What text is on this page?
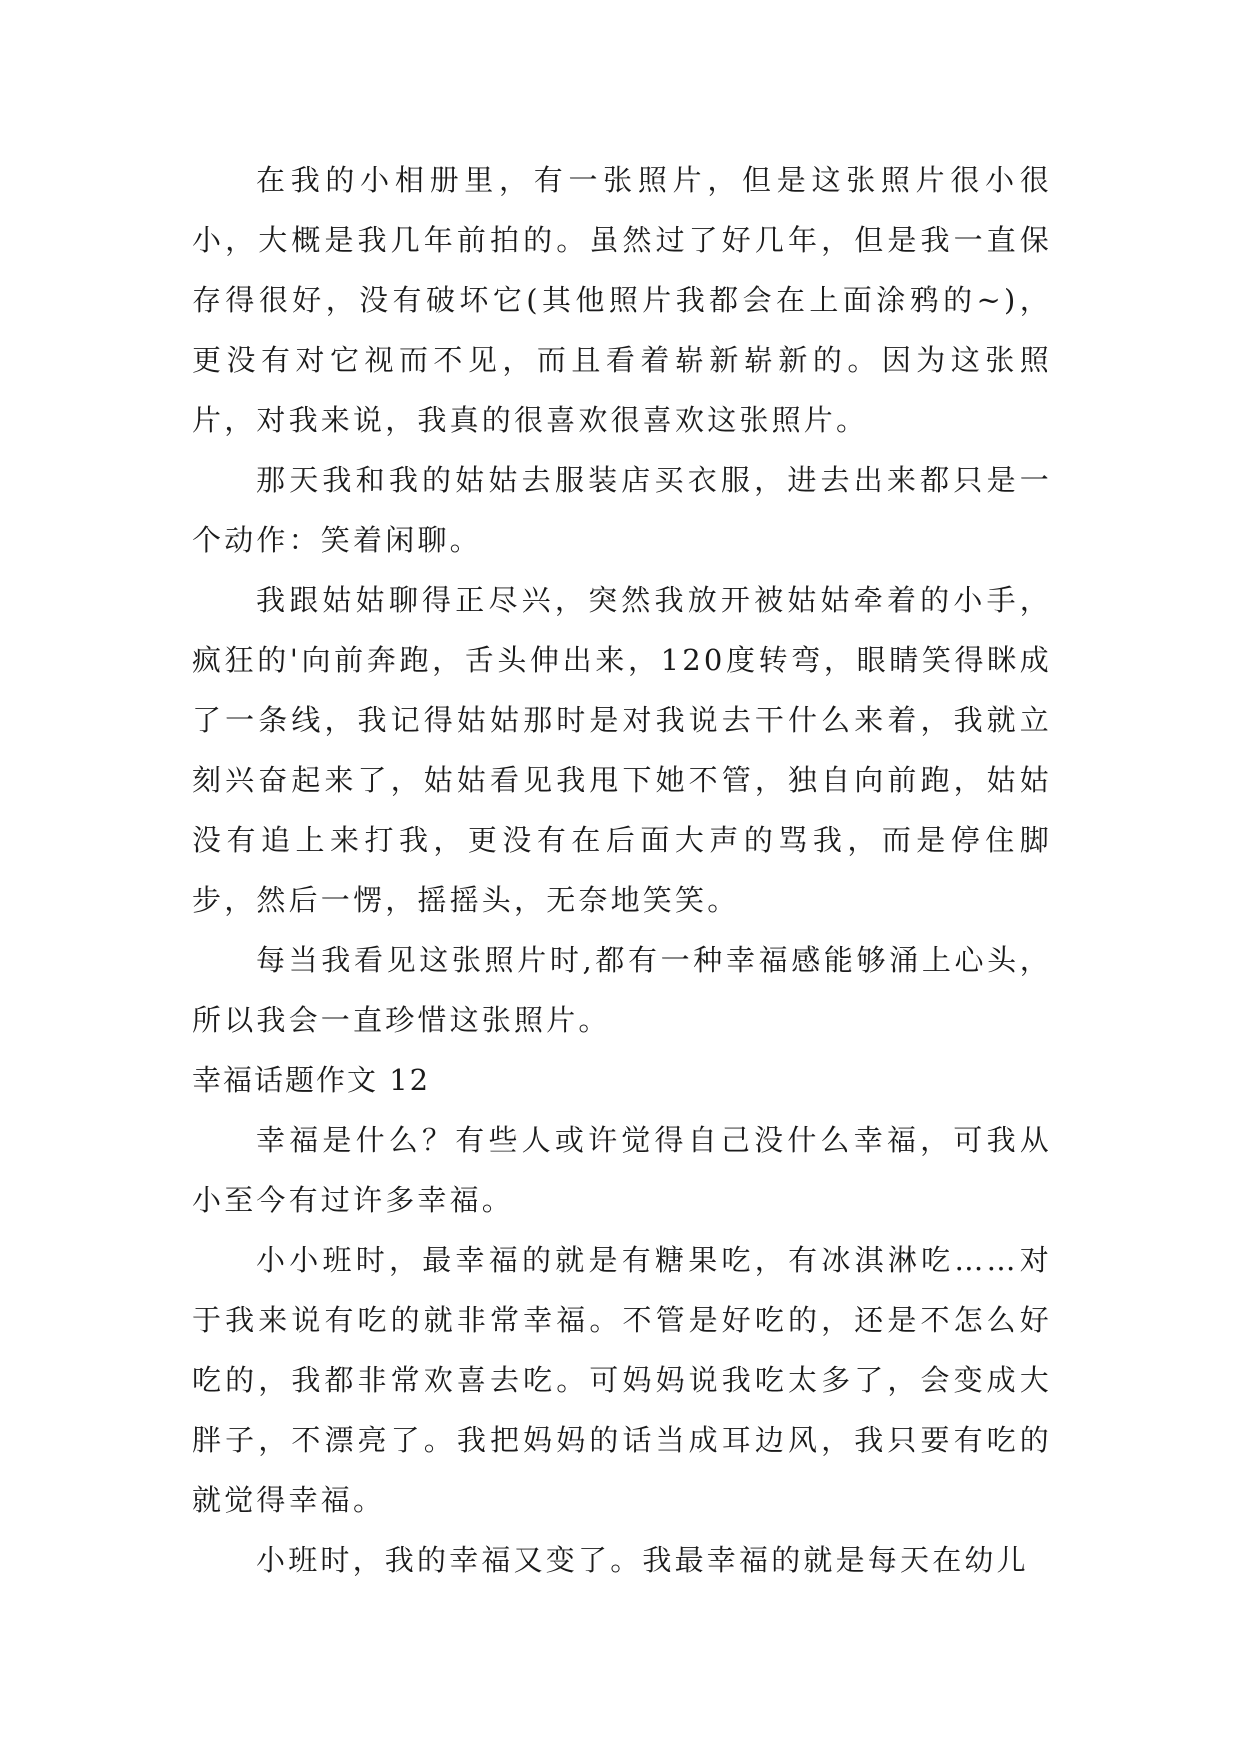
在我的小相册里，有一张照片，但是这张照片很小很小，大概是我几年前拍的。虽然过了好几年，但是我一直保存得很好，没有破坏它(其他照片我都会在上面涂鸦的~)，更没有对它视而不见，而且看着崭新崭新的。因为这张照片，对我来说，我真的很喜欢很喜欢这张照片。

那天我和我的姑姑去服装店买衣服，进去出来都只是一个动作：笑着闲聊。

我跟姑姑聊得正尽兴，突然我放开被姑姑牵着的小手，疯狂的'向前奔跑，舌头伸出来，120度转弯，眼睛笑得眯成了一条线，我记得姑姑那时是对我说去干什么来着，我就立刻兴奋起来了，姑姑看见我甩下她不管，独自向前跑，姑姑没有追上来打我，更没有在后面大声的骂我，而是停住脚步，然后一愣，摇摇头，无奈地笑笑。

每当我看见这张照片时,都有一种幸福感能够涌上心头，所以我会一直珍惜这张照片。

幸福话题作文 12

幸福是什么？有些人或许觉得自己没什么幸福，可我从小至今有过许多幸福。

小小班时，最幸福的就是有糖果吃，有冰淇淋吃……对于我来说有吃的就非常幸福。不管是好吃的，还是不怎么好吃的，我都非常欢喜去吃。可妈妈说我吃太多了，会变成大胖子，不漂亮了。我把妈妈的话当成耳边风，我只要有吃的就觉得幸福。

小班时，我的幸福又变了。我最幸福的就是每天在幼儿
